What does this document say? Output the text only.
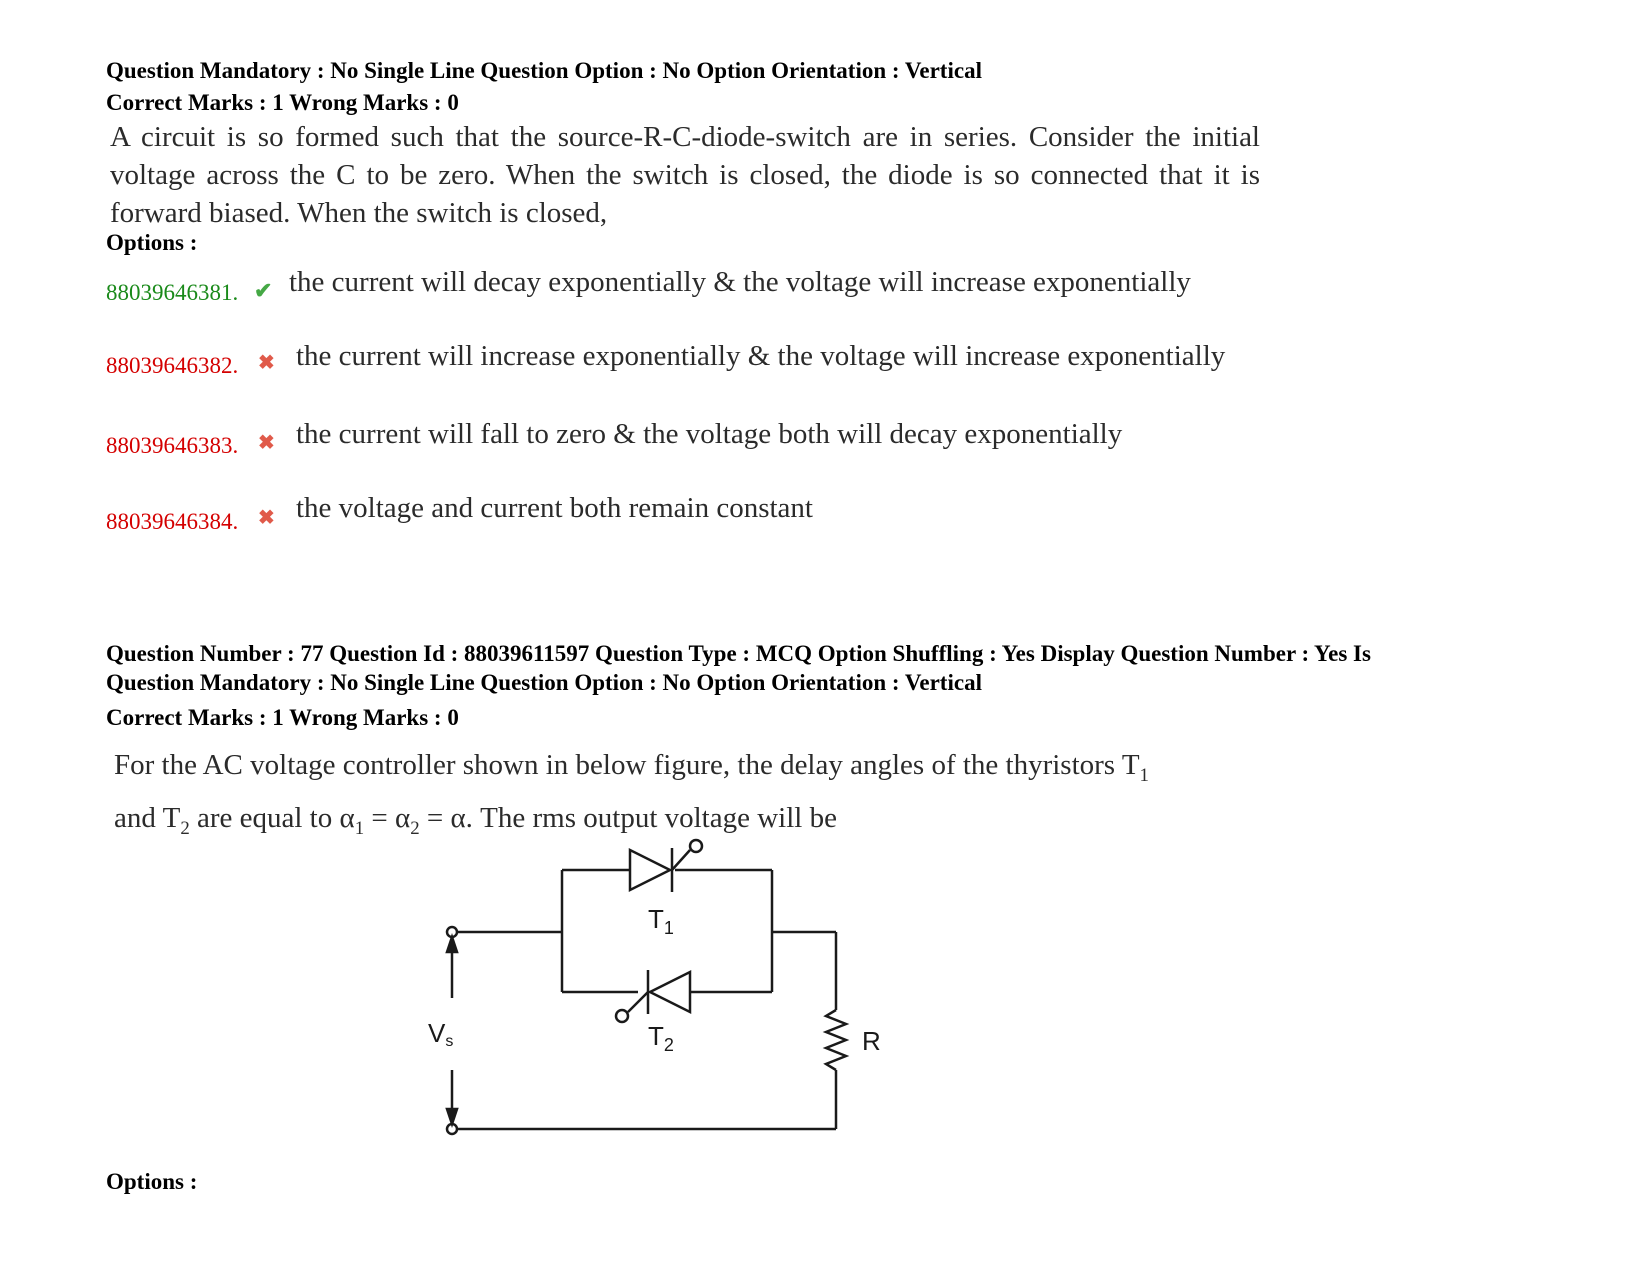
Question Mandatory : No Single Line Question Option : No Option Orientation : Vertical
Correct Marks : 1 Wrong Marks : 0
A circuit is so formed such that the source-R-C-diode-switch are in series. Consider the initial voltage across the C to be zero. When the switch is closed, the diode is so connected that it is forward biased. When the switch is closed,
Options :
88039646381. ✔ the current will decay exponentially & the voltage will increase exponentially
88039646382. ✖ the current will increase exponentially & the voltage will increase exponentially
88039646383. ✖ the current will fall to zero & the voltage both will decay exponentially
88039646384. ✖ the voltage and current both remain constant
Question Number : 77 Question Id : 88039611597 Question Type : MCQ Option Shuffling : Yes Display Question Number : Yes Is
Question Mandatory : No Single Line Question Option : No Option Orientation : Vertical
Correct Marks : 1 Wrong Marks : 0
For the AC voltage controller shown in below figure, the delay angles of the thyristors $T_1$
and $T_2$ are equal to $\alpha_1 = \alpha_2 = \alpha$. The rms output voltage will be
$T_1$
$T_2$
Vs	R
Options :
